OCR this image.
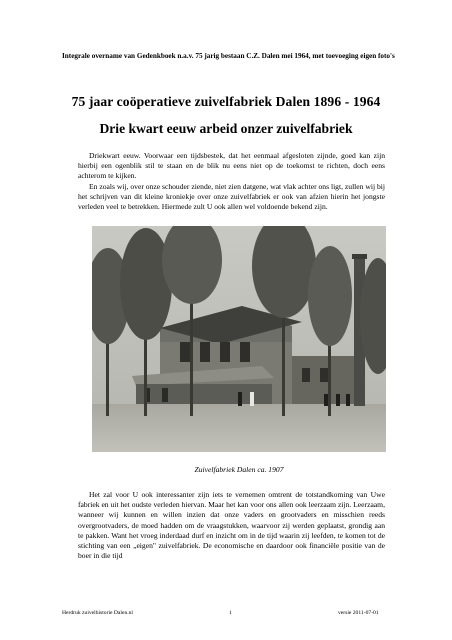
Integrale overname van Gedenkboek n.a.v. 75 jarig bestaan C.Z. Dalen mei 1964, met toevoeging eigen foto's
75 jaar coöperatieve zuivelfabriek Dalen 1896 - 1964
Drie kwart eeuw arbeid onzer zuivelfabriek
Driekwart eeuw. Voorwaar een tijdsbestek, dat het eenmaal afgesloten zijnde, goed kan zijn hierbij een ogenblik stil te staan en de blik nu eens niet op de toekomst te richten, doch eens achterom te kijken.
En zoals wij, over onze schouder ziende, niet zien datgene, wat vlak achter ons ligt, zullen wij bij het schrijven van dit kleine kroniekje over onze zuivelfabriek er ook van afzien hierin het jongste verleden veel te betrekken. Hiermede zult U ook allen wel voldoende bekend zijn.
Zuivelfabriek Dalen ca. 1907
Het zal voor U ook interessanter zijn iets te vernemen omtrent de totstandkoming van Uwe fabriek en uit het oudste verleden hiervan. Maar het kan voor ons allen ook leerzaam zijn. Leerzaam, wanneer wij kunnen en willen inzien dat onze vaders en grootvaders en misschien reeds overgrootvaders, de moed hadden om de vraagstukken, waarvoor zij werden geplaatst, grondig aan te pakken. Want het vroeg inderdaad durf en inzicht om in de tijd waarin zij leefden, te komen tot de stichting van een „eigen" zuivelfabriek. De economische en daardoor ook financiële positie van de boer in die tijd
Herdruk zuivelhistorie Dalen.nl	1	versie 2011-07-01
